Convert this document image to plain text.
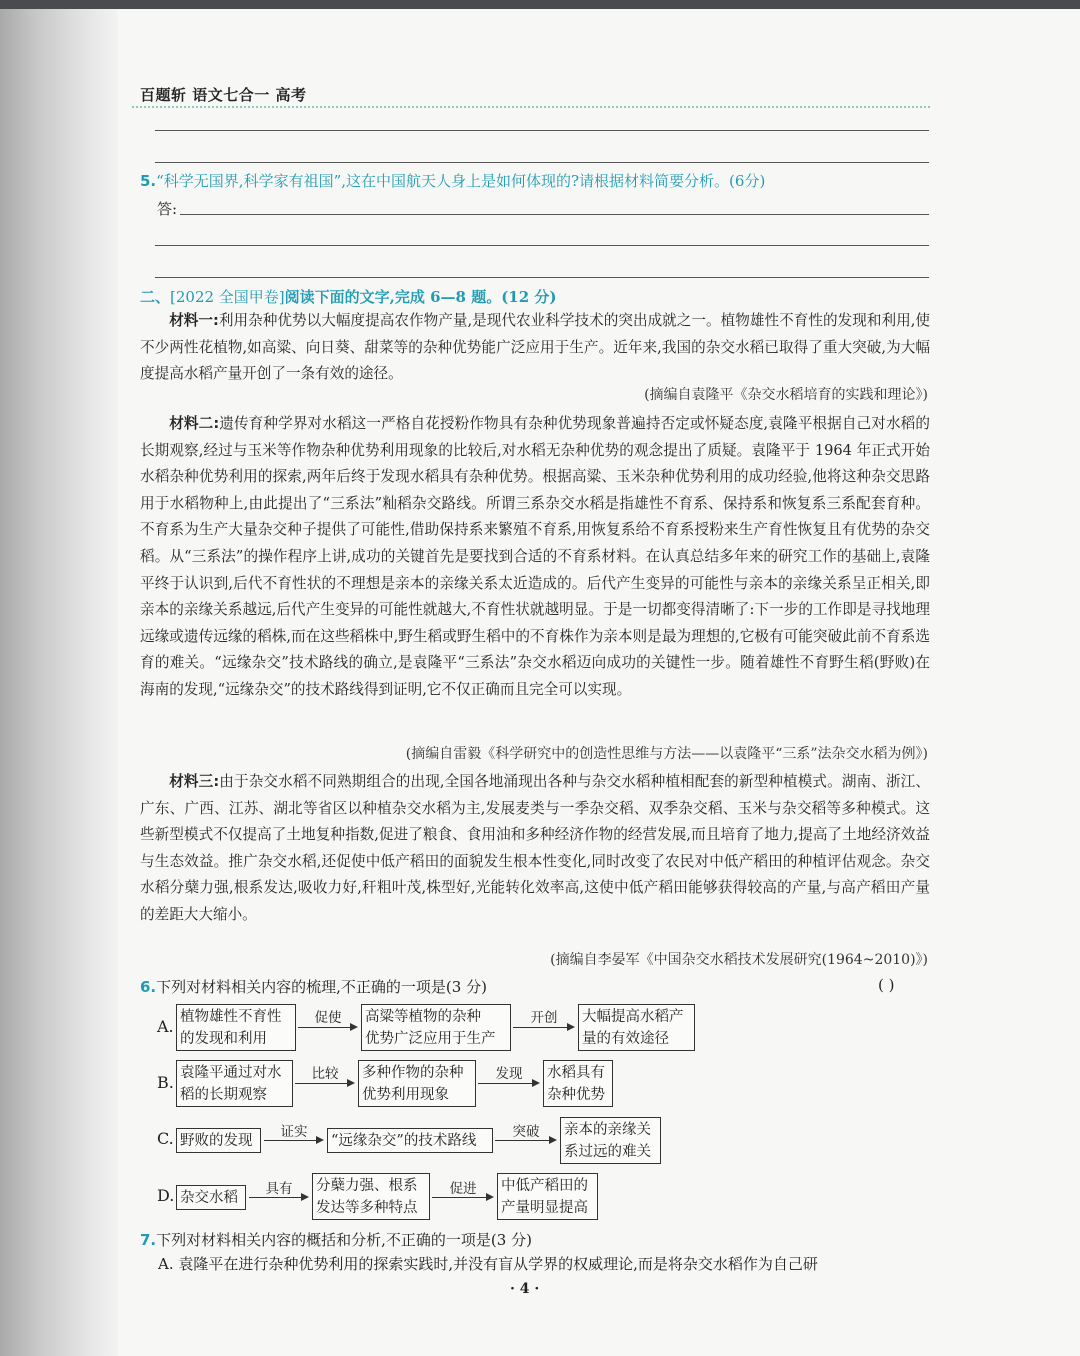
百题斩 语文七合一 高考
5.“科学无国界,科学家有祖国”,这在中国航天人身上是如何体现的?请根据材料简要分析。(6分)
答:
二、[2022 全国甲卷]阅读下面的文字,完成 6—8 题。(12 分)

材料一:利用杂种优势以大幅度提高农作物产量,是现代农业科学技术的突出成就之一。植物雄性不育性的发现和利用,使不少两性花植物,如高粱、向日葵、甜菜等的杂种优势能广泛应用于生产。近年来,我国的杂交水稻已取得了重大突破,为大幅度提高水稻产量开创了一条有效的途径。

(摘编自袁隆平《杂交水稻培育的实践和理论》)

材料二:遗传育种学界对水稻这一严格自花授粉作物具有杂种优势现象普遍持否定或怀疑态度,袁隆平根据自己对水稻的长期观察,经过与玉米等作物杂种优势利用现象的比较后,对水稻无杂种优势的观念提出了质疑。袁隆平于 1964 年正式开始水稻杂种优势利用的探索,两年后终于发现水稻具有杂种优势。根据高粱、玉米杂种优势利用的成功经验,他将这种杂交思路用于水稻物种上,由此提出了“三系法”籼稻杂交路线。所谓三系杂交水稻是指雄性不育系、保持系和恢复系三系配套育种。不育系为生产大量杂交种子提供了可能性,借助保持系来繁殖不育系,用恢复系给不育系授粉来生产育性恢复且有优势的杂交稻。从“三系法”的操作程序上讲,成功的关键首先是要找到合适的不育系材料。在认真总结多年来的研究工作的基础上,袁隆平终于认识到,后代不育性状的不理想是亲本的亲缘关系太近造成的。后代产生变异的可能性与亲本的亲缘关系呈正相关,即亲本的亲缘关系越远,后代产生变异的可能性就越大,不育性状就越明显。于是一切都变得清晰了:下一步的工作即是寻找地理远缘或遗传远缘的稻株,而在这些稻株中,野生稻或野生稻中的不育株作为亲本则是最为理想的,它极有可能突破此前不育系选育的难关。“远缘杂交”技术路线的确立,是袁隆平“三系法”杂交水稻迈向成功的关键性一步。随着雄性不育野生稻(野败)在海南的发现,“远缘杂交”的技术路线得到证明,它不仅正确而且完全可以实现。

(摘编自雷毅《科学研究中的创造性思维与方法——以袁隆平“三系”法杂交水稻为例》)

材料三:由于杂交水稻不同熟期组合的出现,全国各地涌现出各种与杂交水稻种植相配套的新型种植模式。湖南、浙江、广东、广西、江苏、湖北等省区以种植杂交水稻为主,发展麦类与一季杂交稻、双季杂交稻、玉米与杂交稻等多种模式。这些新型模式不仅提高了土地复种指数,促进了粮食、食用油和多种经济作物的经营发展,而且培育了地力,提高了土地经济效益与生态效益。推广杂交水稻,还促使中低产稻田的面貌发生根本性变化,同时改变了农民对中低产稻田的种植评估观念。杂交水稻分蘖力强,根系发达,吸收力好,秆粗叶茂,株型好,光能转化效率高,这使中低产稻田能够获得较高的产量,与高产稻田产量的差距大大缩小。

(摘编自李晏军《中国杂交水稻技术发展研究(1964~2010)》)
6.下列对材料相关内容的梳理,不正确的一项是(3 分)	( )
A. 植物雄性不育性
的发现和利用
促使	高粱等植物的杂种
优势广泛应用于生产
开创	大幅提高水稻产
量的有效途径
B. 袁隆平通过对水
稻的长期观察
比较	多种作物的杂种
优势利用现象
发现	水稻具有
杂种优势
C. 野败的发现
证实
“远缘杂交”的技术路线
突破	亲本的亲缘关
系过远的难关
D. 杂交水稻
具有	分蘖力强、根系
发达等多种特点
促进	中低产稻田的
产量明显提高
7.下列对材料相关内容的概括和分析,不正确的一项是(3 分)
A. 袁隆平在进行杂种优势利用的探索实践时,并没有盲从学界的权威理论,而是将杂交水稻作为自己研
· 4 ·
